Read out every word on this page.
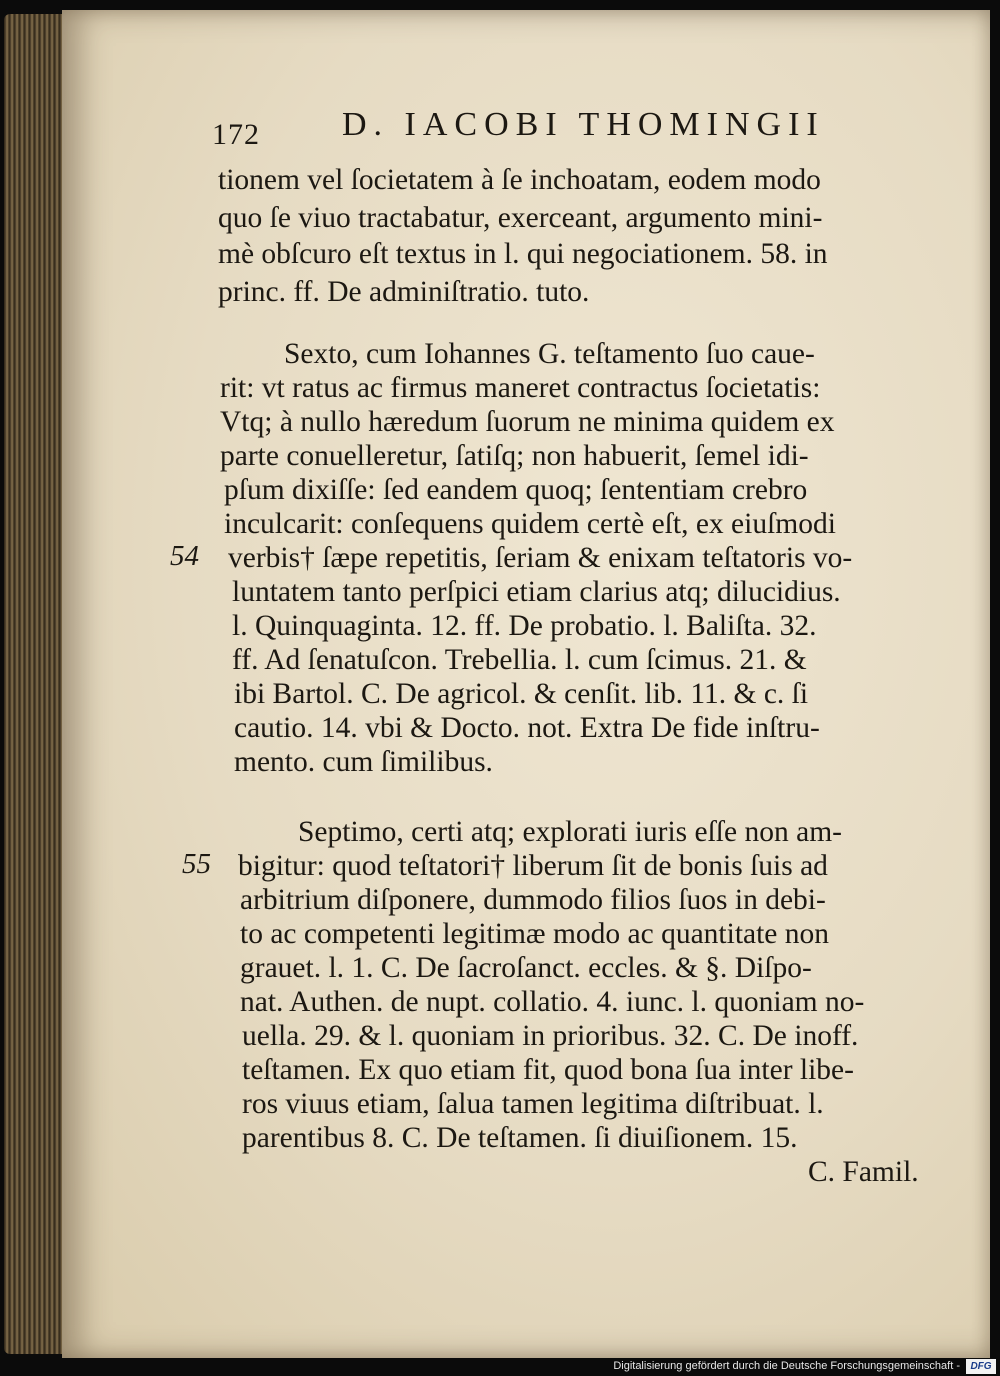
172 D. IACOBI THOMINGII
tionem vel ſocietatem à ſe inchoatam, eodem modo
quo ſe viuo tractabatur, exerceant, argumento mini-
mè obſcuro eſt textus in l. qui negociationem. 58. in
princ. ff. De adminiſtratio. tuto.
Sexto, cum Iohannes G. teſtamento ſuo caue-
rit: vt ratus ac firmus maneret contractus ſocietatis:
Vtq; à nullo hæredum ſuorum ne minima quidem ex
parte conuelleretur, ſatiſq; non habuerit, ſemel idi-
pſum dixiſſe: ſed eandem quoq; ſententiam crebro
inculcarit: conſequens quidem certè eſt, ex eiuſmodi
54 verbis† ſæpe repetitis, ſeriam & enixam teſtatoris vo-
luntatem tanto perſpici etiam clarius atq; dilucidius.
l. Quinquaginta. 12. ff. De probatio. l. Baliſta. 32.
ff. Ad ſenatuſcon. Trebellia. l. cum ſcimus. 21. &
ibi Bartol. C. De agricol. & cenſit. lib. 11. & c. ſi
cautio. 14. vbi & Docto. not. Extra De fide inſtru-
mento. cum ſimilibus.
Septimo, certi atq; explorati iuris eſſe non am-
55 bigitur: quod teſtatori† liberum ſit de bonis ſuis ad
arbitrium diſponere, dummodo filios ſuos in debi-
to ac competenti legitimæ modo ac quantitate non
grauet. l. 1. C. De ſacroſanct. eccles. & §. Diſpo-
nat. Authen. de nupt. collatio. 4. iunc. l. quoniam no-
uella. 29. & l. quoniam in prioribus. 32. C. De inoff.
teſtamen. Ex quo etiam fit, quod bona ſua inter libe-
ros viuus etiam, ſalua tamen legitima diſtribuat. l.
parentibus 8. C. De teſtamen. ſi diuiſionem. 15.
C. Famil.
Digitalisierung gefördert durch die Deutsche Forschungsgemeinschaft -	DFG
